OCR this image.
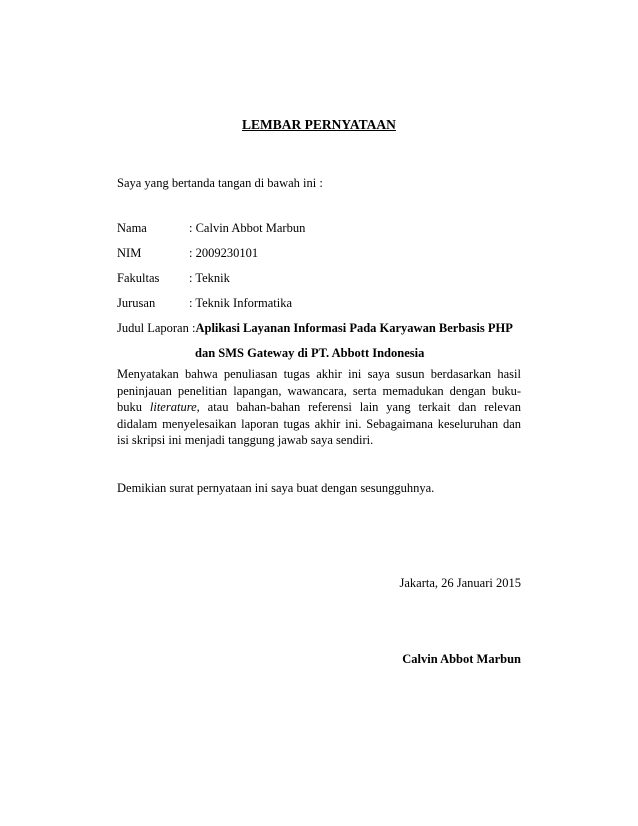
LEMBAR PERNYATAAN
Saya yang bertanda tangan di bawah ini :
Nama	: Calvin Abbot Marbun
NIM	: 2009230101
Fakultas : Teknik
Jurusan	: Teknik Informatika
Judul Laporan :Aplikasi Layanan Informasi Pada Karyawan Berbasis PHP
dan SMS Gateway di PT. Abbott Indonesia
Menyatakan bahwa penuliasan tugas akhir ini saya susun berdasarkan hasil peninjauan penelitian lapangan, wawancara, serta memadukan dengan buku-buku literature, atau bahan-bahan referensi lain yang terkait dan relevan didalam menyelesaikan laporan tugas akhir ini. Sebagaimana keseluruhan dan isi skripsi ini menjadi tanggung jawab saya sendiri.
Demikian surat pernyataan ini saya buat dengan sesungguhnya.
Jakarta, 26 Januari 2015
Calvin Abbot Marbun
